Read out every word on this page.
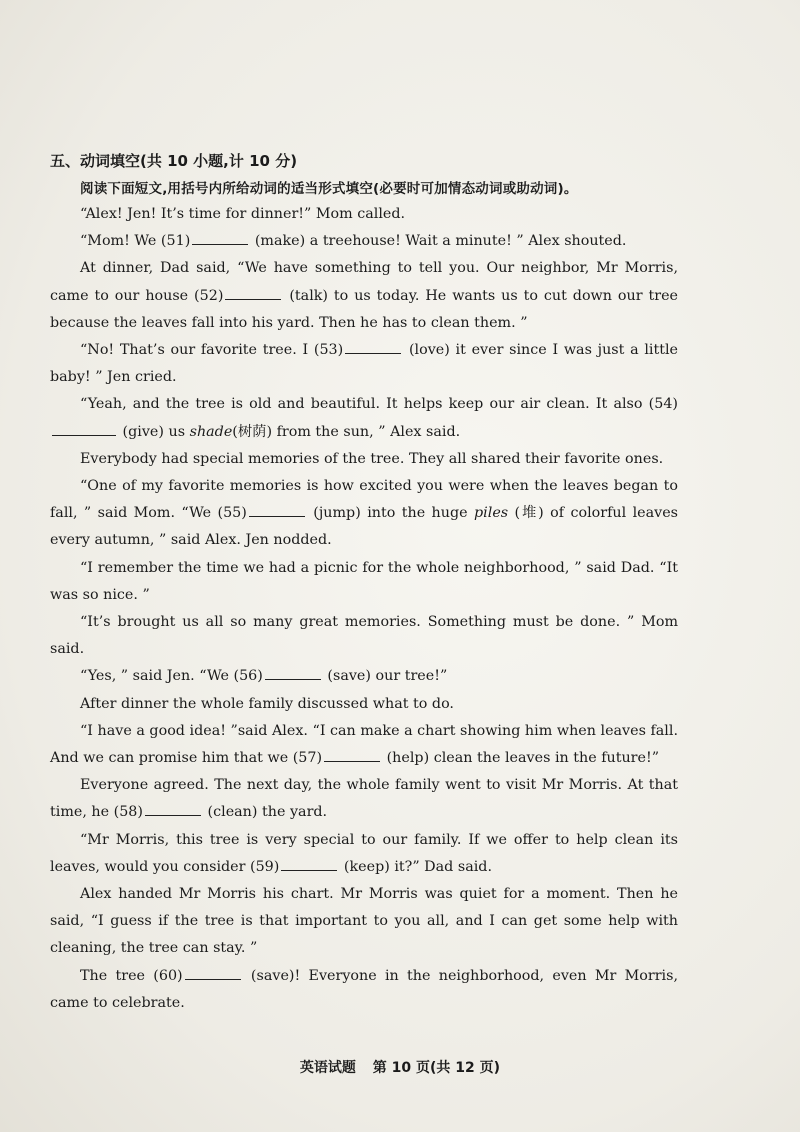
五、动词填空(共 10 小题,计 10 分)
阅读下面短文,用括号内所给动词的适当形式填空(必要时可加情态动词或助动词)。

“Alex! Jen! It’s time for dinner!” Mom called.

“Mom! We (51)	(make) a treehouse! Wait a minute! ” Alex shouted.

At dinner, Dad said, “We have something to tell you. Our neighbor, Mr Morris, came to our house (52)	(talk) to us today. He wants us to cut down our tree because the leaves fall into his yard. Then he has to clean them. ”

“No! That’s our favorite tree. I (53)	(love) it ever since I was just a little baby! ” Jen cried.

“Yeah, and the tree is old and beautiful. It helps keep our air clean. It also (54) (give) us shade(树荫) from the sun, ” Alex said.

Everybody had special memories of the tree. They all shared their favorite ones.

“One of my favorite memories is how excited you were when the leaves began to fall, ” said Mom. “We (55)	(jump) into the huge piles (堆) of colorful leaves every autumn, ” said Alex. Jen nodded.

“I remember the time we had a picnic for the whole neighborhood, ” said Dad. “It was so nice. ”

“It’s brought us all so many great memories. Something must be done. ” Mom said.

“Yes, ” said Jen. “We (56)	(save) our tree!”

After dinner the whole family discussed what to do.

“I have a good idea! ”said Alex. “I can make a chart showing him when leaves fall. And we can promise him that we (57)	(help) clean the leaves in the future!”

Everyone agreed. The next day, the whole family went to visit Mr Morris. At that time, he (58)	(clean) the yard.

“Mr Morris, this tree is very special to our family. If we offer to help clean its leaves, would you consider (59)	(keep) it?” Dad said.

Alex handed Mr Morris his chart. Mr Morris was quiet for a moment. Then he said, “I guess if the tree is that important to you all, and I can get some help with cleaning, the tree can stay. ”

The tree (60)	(save)! Everyone in the neighborhood, even Mr Morris, came to celebrate.

英语试题 第 10 页(共 12 页)
